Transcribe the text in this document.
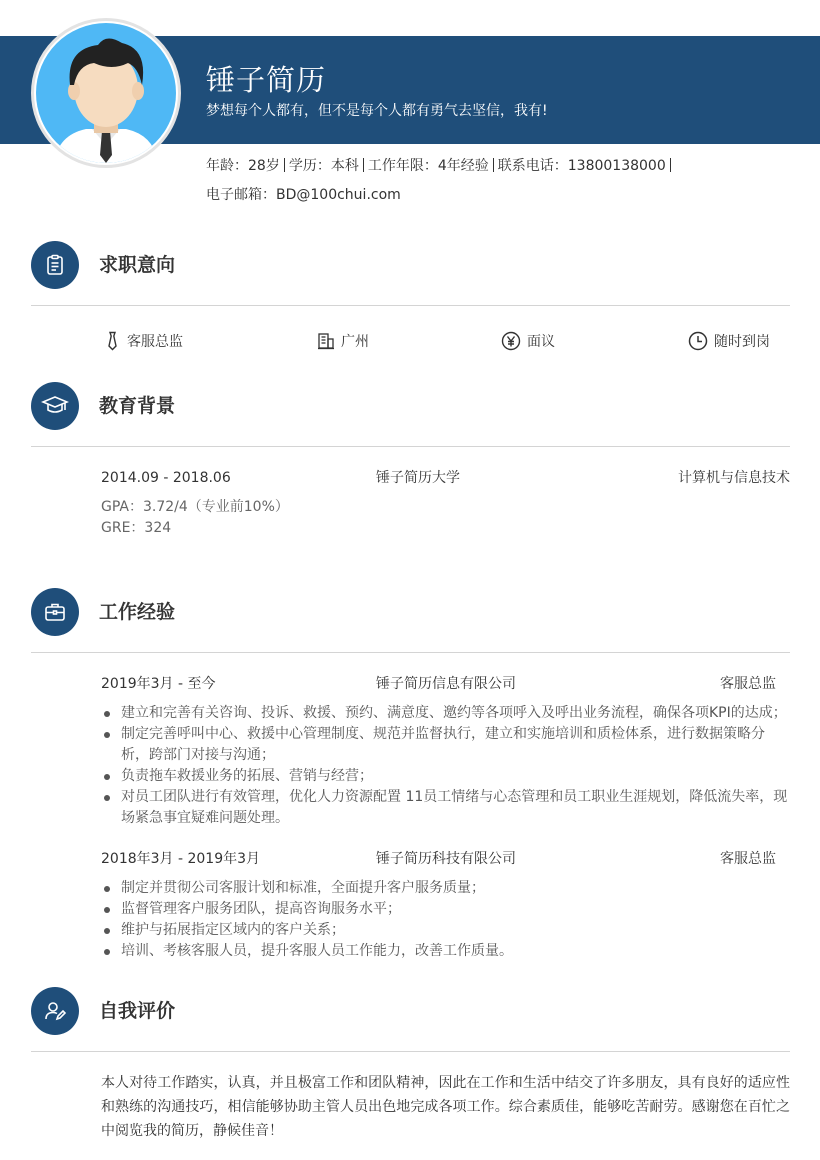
锤子简历
梦想每个人都有，但不是每个人都有勇气去坚信，我有!
年龄：28岁 学历：本科 工作年限：4年经验 联系电话：13800138000
电子邮箱：BD@100chui.com
求职意向
客服总监	广州	面议	随时到岗
教育背景
2014.09 - 2018.06	锤子简历大学	计算机与信息技术
GPA：3.72/4（专业前10%）
GRE：324
工作经验
2019年3月 - 至今	锤子简历信息有限公司	客服总监
建立和完善有关咨询、投诉、救援、预约、满意度、邀约等各项呼入及呼出业务流程，确保各项KPI的达成；
制定完善呼叫中心、救援中心管理制度、规范并监督执行，建立和实施培训和质检体系，进行数据策略分析，跨部门对接与沟通；
负责拖车救援业务的拓展、营销与经营；
对员工团队进行有效管理，优化人力资源配置 11员工情绪与心态管理和员工职业生涯规划，降低流失率，现场紧急事宜疑难问题处理。
2018年3月 - 2019年3月	锤子简历科技有限公司	客服总监
制定并贯彻公司客服计划和标准，全面提升客户服务质量；
监督管理客户服务团队，提高咨询服务水平；
维护与拓展指定区域内的客户关系；
培训、考核客服人员，提升客服人员工作能力，改善工作质量。
自我评价
本人对待工作踏实，认真，并且极富工作和团队精神，因此在工作和生活中结交了许多朋友，具有良好的适应性和熟练的沟通技巧，相信能够协助主管人员出色地完成各项工作。综合素质佳，能够吃苦耐劳。感谢您在百忙之中阅览我的简历，静候佳音！
